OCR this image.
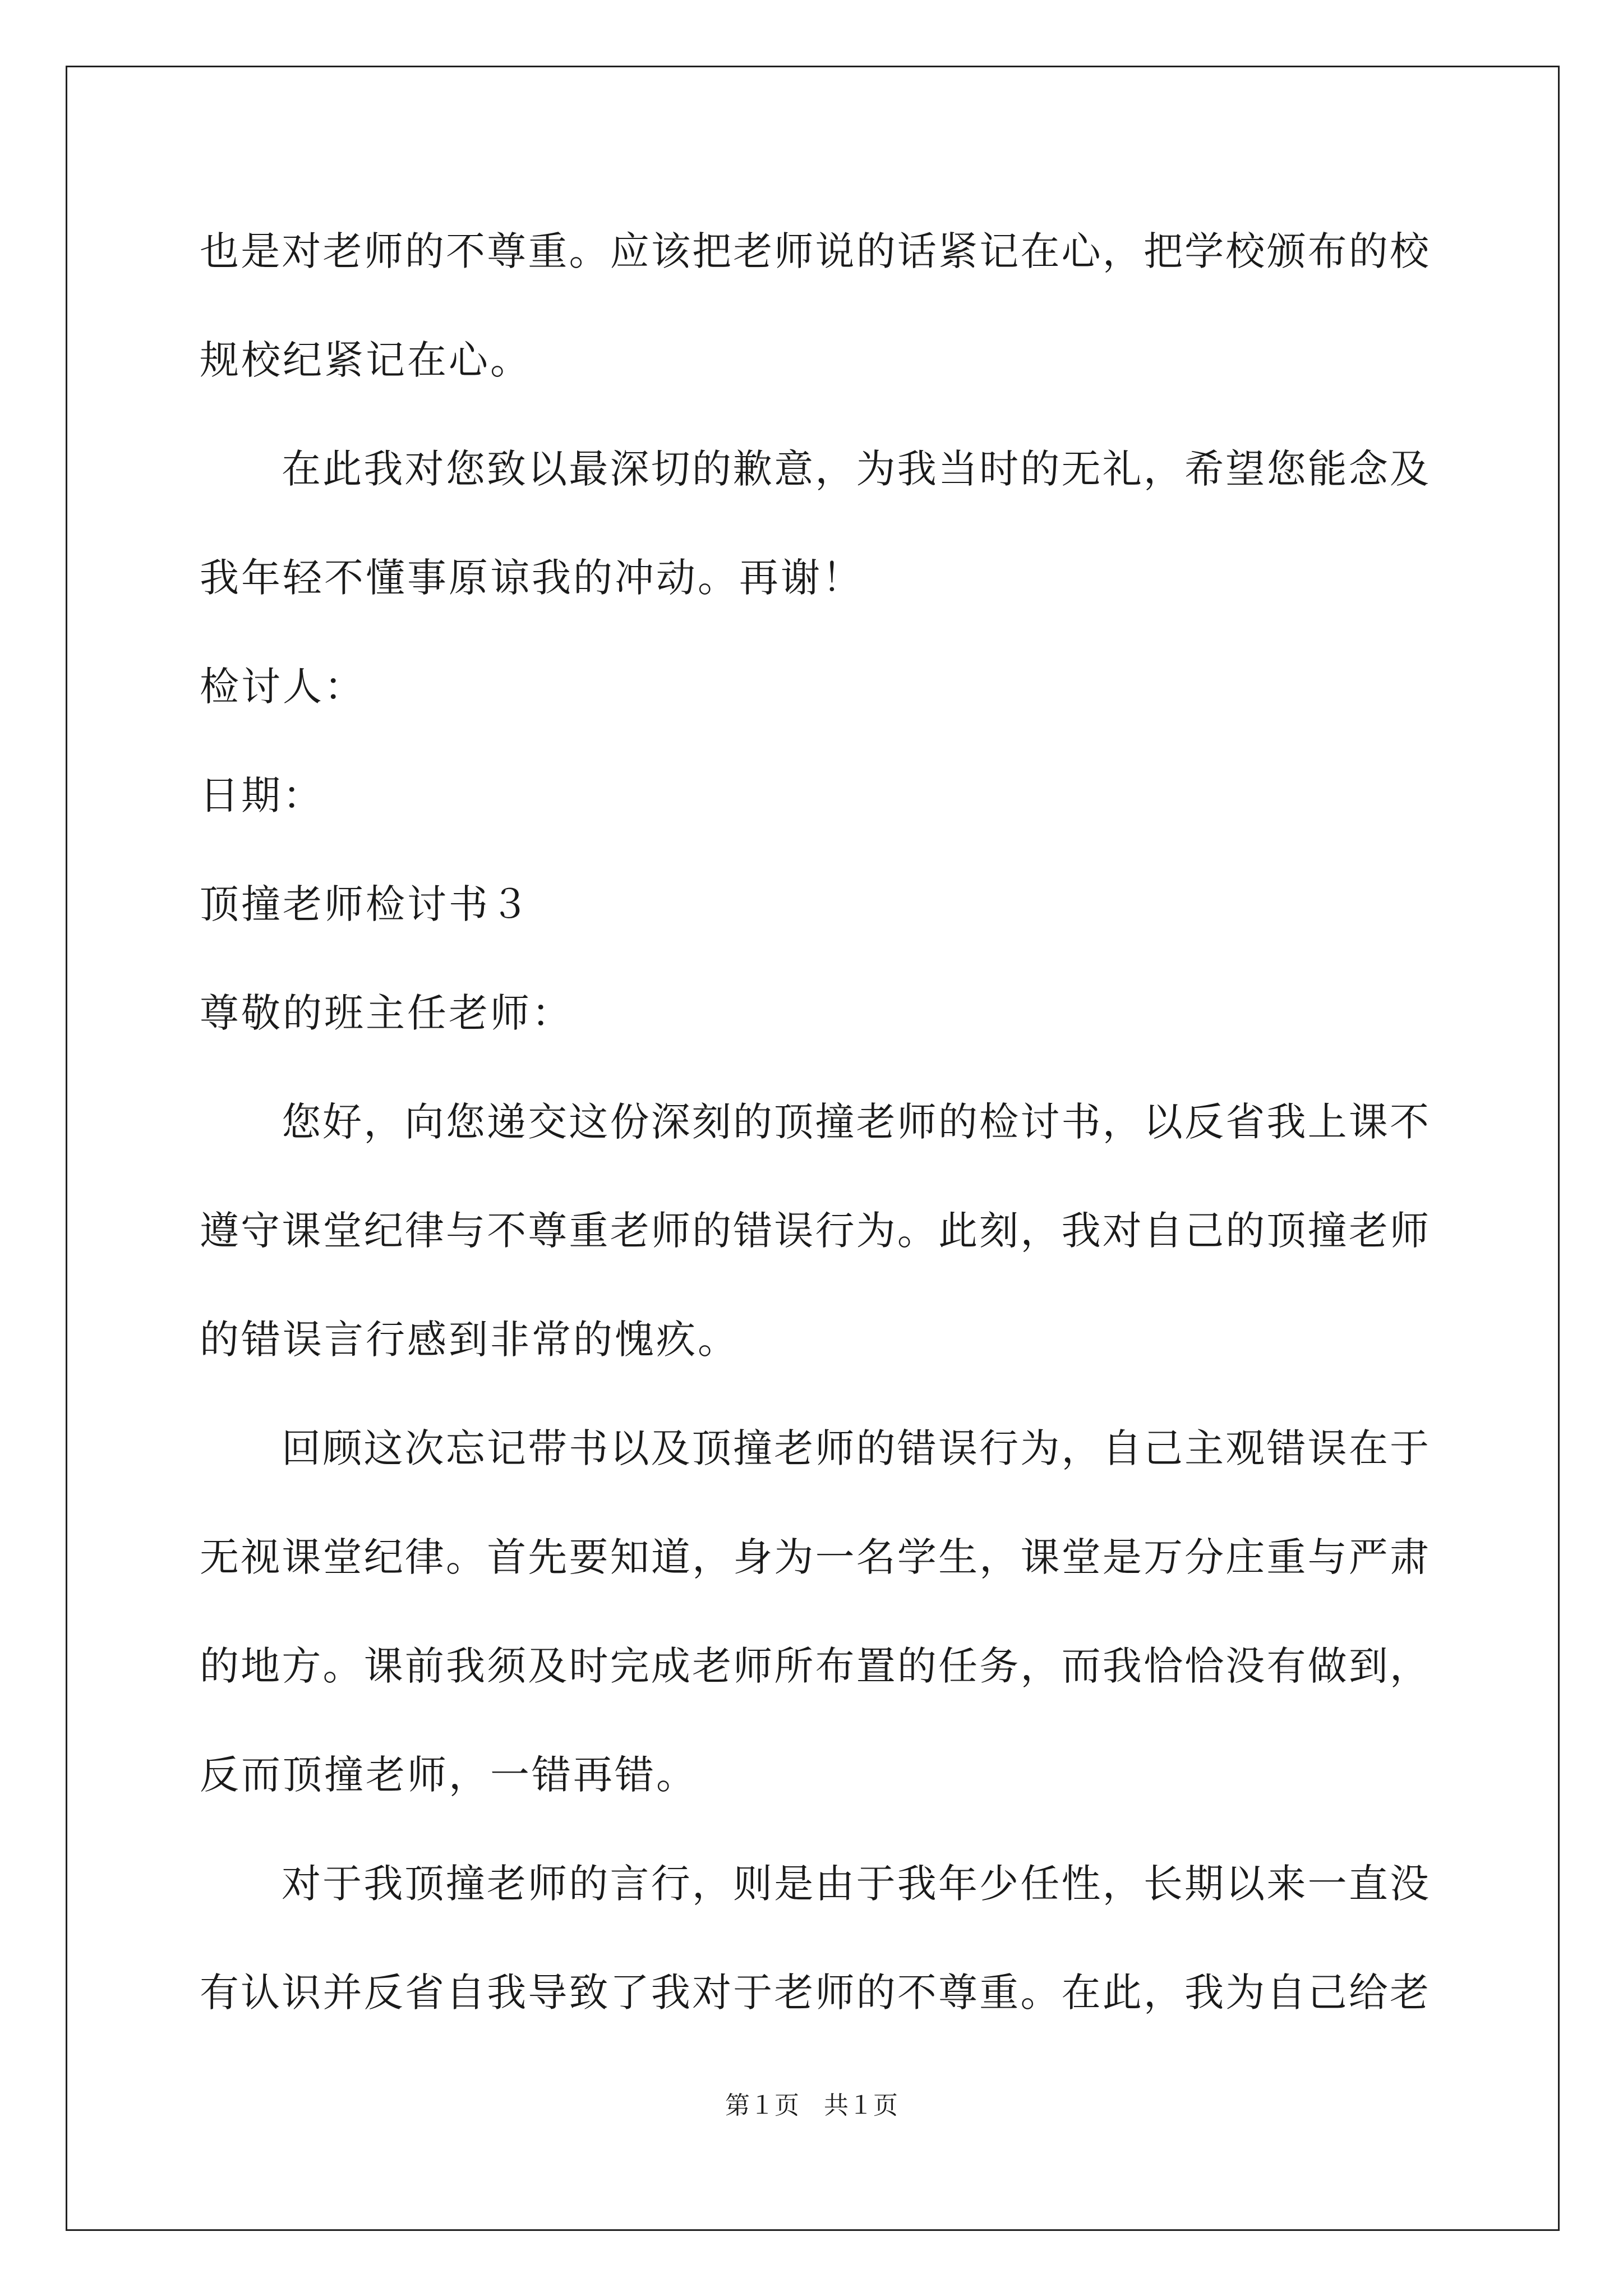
也是对老师的不尊重。应该把老师说的话紧记在心，把学校颁布的校
规校纪紧记在心。
在此我对您致以最深切的歉意，为我当时的无礼，希望您能念及
我年轻不懂事原谅我的冲动。再谢！
检讨人：
日期：
顶撞老师检讨书３
尊敬的班主任老师：
您好，向您递交这份深刻的顶撞老师的检讨书，以反省我上课不
遵守课堂纪律与不尊重老师的错误行为。此刻，我对自己的顶撞老师
的错误言行感到非常的愧疚。
回顾这次忘记带书以及顶撞老师的错误行为，自己主观错误在于
无视课堂纪律。首先要知道，身为一名学生，课堂是万分庄重与严肃
的地方。课前我须及时完成老师所布置的任务，而我恰恰没有做到，
反而顶撞老师，一错再错。
对于我顶撞老师的言行，则是由于我年少任性，长期以来一直没
有认识并反省自我导致了我对于老师的不尊重。在此，我为自己给老
第１页　共１页
